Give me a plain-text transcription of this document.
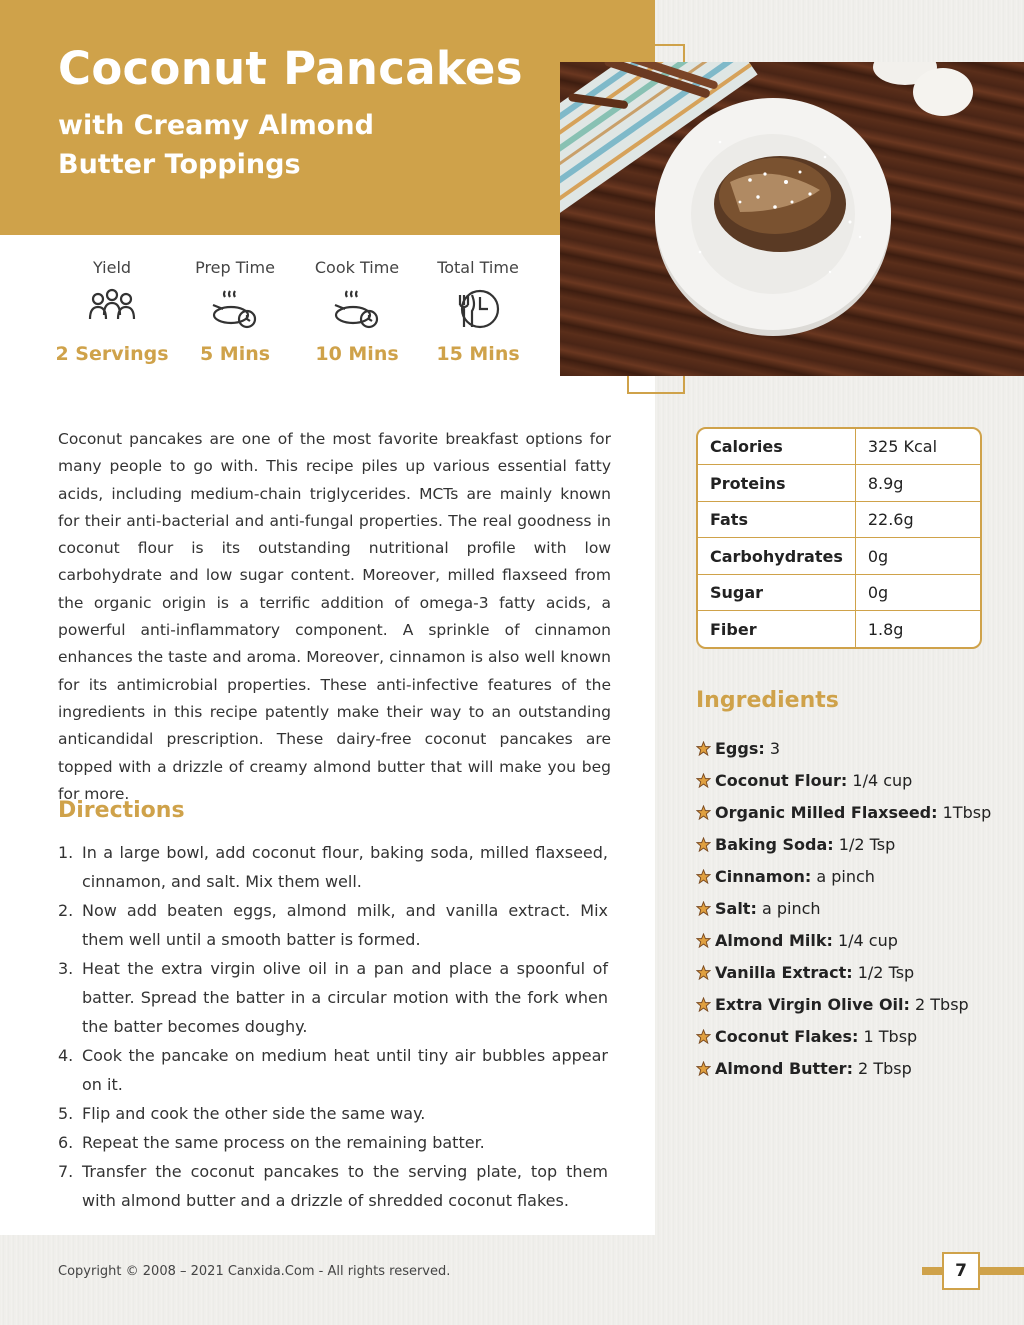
Coconut Pancakes
with Creamy Almond Butter Toppings
Yield
2 Servings
Prep Time
5 Mins
Cook Time
10 Mins
Total Time
15 Mins

Coconut pancakes are one of the most favorite breakfast options for many people to go with. This recipe piles up various essential fatty acids, including medium-chain triglycerides. MCTs are mainly known for their anti-bacterial and anti-fungal properties. The real goodness in coconut flour is its outstanding nutritional profile with low carbohydrate and low sugar content. Moreover, milled flaxseed from the organic origin is a terrific addition of omega-3 fatty acids, a powerful anti-inflammatory component. A sprinkle of cinnamon enhances the taste and aroma. Moreover, cinnamon is also well known for its antimicrobial properties. These anti-infective features of the ingredients in this recipe patently make their way to an outstanding anticandidal prescription. These dairy-free coconut pancakes are topped with a drizzle of creamy almond butter that will make you beg for more.

Directions
1. In a large bowl, add coconut flour, baking soda, milled flaxseed, cinnamon, and salt. Mix them well.
2. Now add beaten eggs, almond milk, and vanilla extract. Mix them well until a smooth batter is formed.
3. Heat the extra virgin olive oil in a pan and place a spoonful of batter. Spread the batter in a circular motion with the fork when the batter becomes doughy.
4. Cook the pancake on medium heat until tiny air bubbles appear on it.
5. Flip and cook the other side the same way.
6. Repeat the same process on the remaining batter.
7. Transfer the coconut pancakes to the serving plate, top them with almond butter and a drizzle of shredded coconut flakes.
Calories	325 Kcal
Proteins	8.9g
Fats	22.6g
Carbohydrates	0g
Sugar	0g
Fiber	1.8g
Ingredients
Eggs: 3
Coconut Flour: 1/4 cup
Organic Milled Flaxseed: 1Tbsp
Baking Soda: 1/2 Tsp
Cinnamon: a pinch
Salt: a pinch
Almond Milk: 1/4 cup
Vanilla Extract: 1/2 Tsp
Extra Virgin Olive Oil: 2 Tbsp
Coconut Flakes: 1 Tbsp
Almond Butter: 2 Tbsp
Copyright © 2008 – 2021 Canxida.Com - All rights reserved.	7
